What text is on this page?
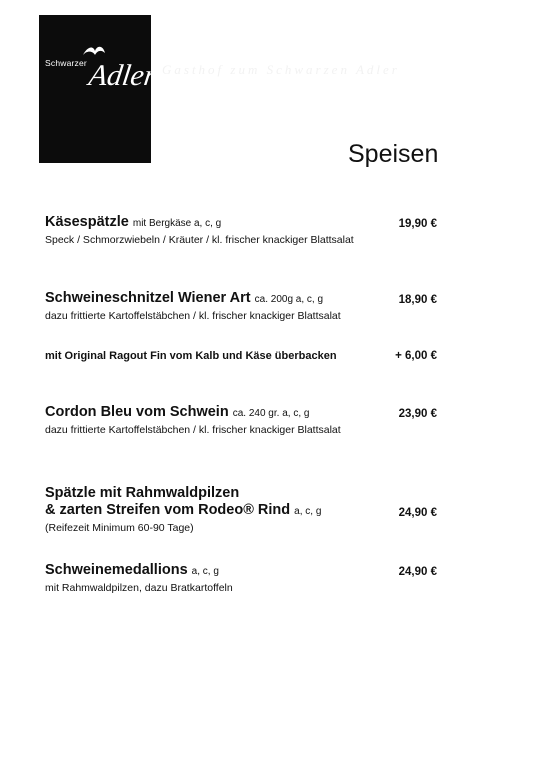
Schwarzer Adler Gasthof zum Schwarzen Adler
Speisen
Käsespätzle mit Bergkäse a, c, g
Speck / Schmorzwiebeln / Kräuter / kl. frischer knackiger Blattsalat
19,90 €
Schweineschnitzel Wiener Art ca. 200g a, c, g
dazu frittierte Kartoffelstäbchen / kl. frischer knackiger Blattsalat
18,90 €
mit Original Ragout Fin vom Kalb und Käse überbacken	+ 6,00 €
Cordon Bleu vom Schwein ca. 240 gr. a, c, g
dazu frittierte Kartoffelstäbchen / kl. frischer knackiger Blattsalat
23,90 €
Spätzle mit Rahmwaldpilzen
& zarten Streifen vom Rodeo® Rind a, c, g
(Reifezeit Minimum 60-90 Tage)
24,90 €
Schweinemedallions a, c, g
mit Rahmwaldpilzen, dazu Bratkartoffeln
24,90 €
